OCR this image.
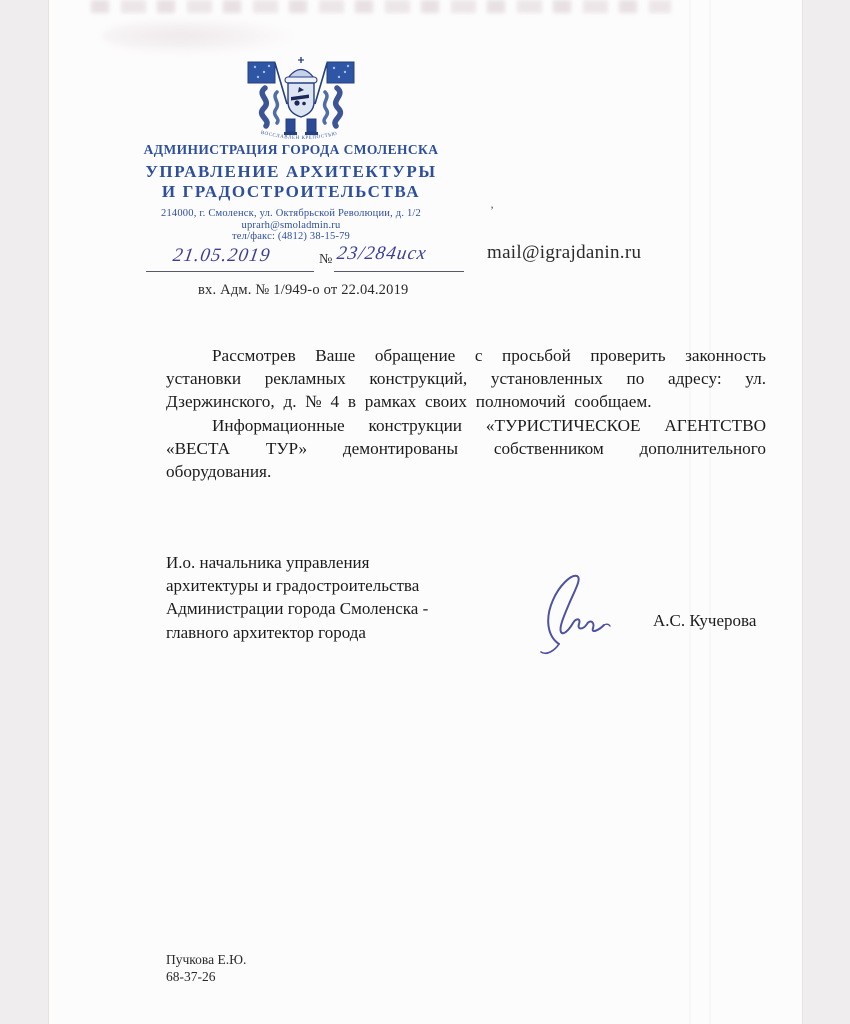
ВОССЛАВЛЕН КРЕПОСТЬЮ
АДМИНИСТРАЦИЯ ГОРОДА СМОЛЕНСКА
УПРАВЛЕНИЕ АРХИТЕКТУРЫ
И ГРАДОСТРОИТЕЛЬСТВА
214000, г. Смоленск, ул. Октябрьской Революции, д. 1/2
uprarh@smoladmin.ru
тел/факс: (4812) 38-15-79
21.05.2019	№ 23/284исх
вх. Адм. № 1/949-о от 22.04.2019
’
mail@igrajdanin.ru

Рассмотрев Ваше обращение с просьбой проверить законность установки рекламных конструкций, установленных по адресу: ул. Дзержинского, д. № 4 в рамках своих полномочий сообщаем.

Информационные конструкции «ТУРИСТИЧЕСКОЕ АГЕНТСТВО «ВЕСТА ТУР» демонтированы собственником дополнительного оборудования.

И.о. начальника управления
архитектуры и градостроительства
Администрации города Смоленска -
главного архитектор города
А.С. Кучерова
Пучкова Е.Ю.
68-37-26
